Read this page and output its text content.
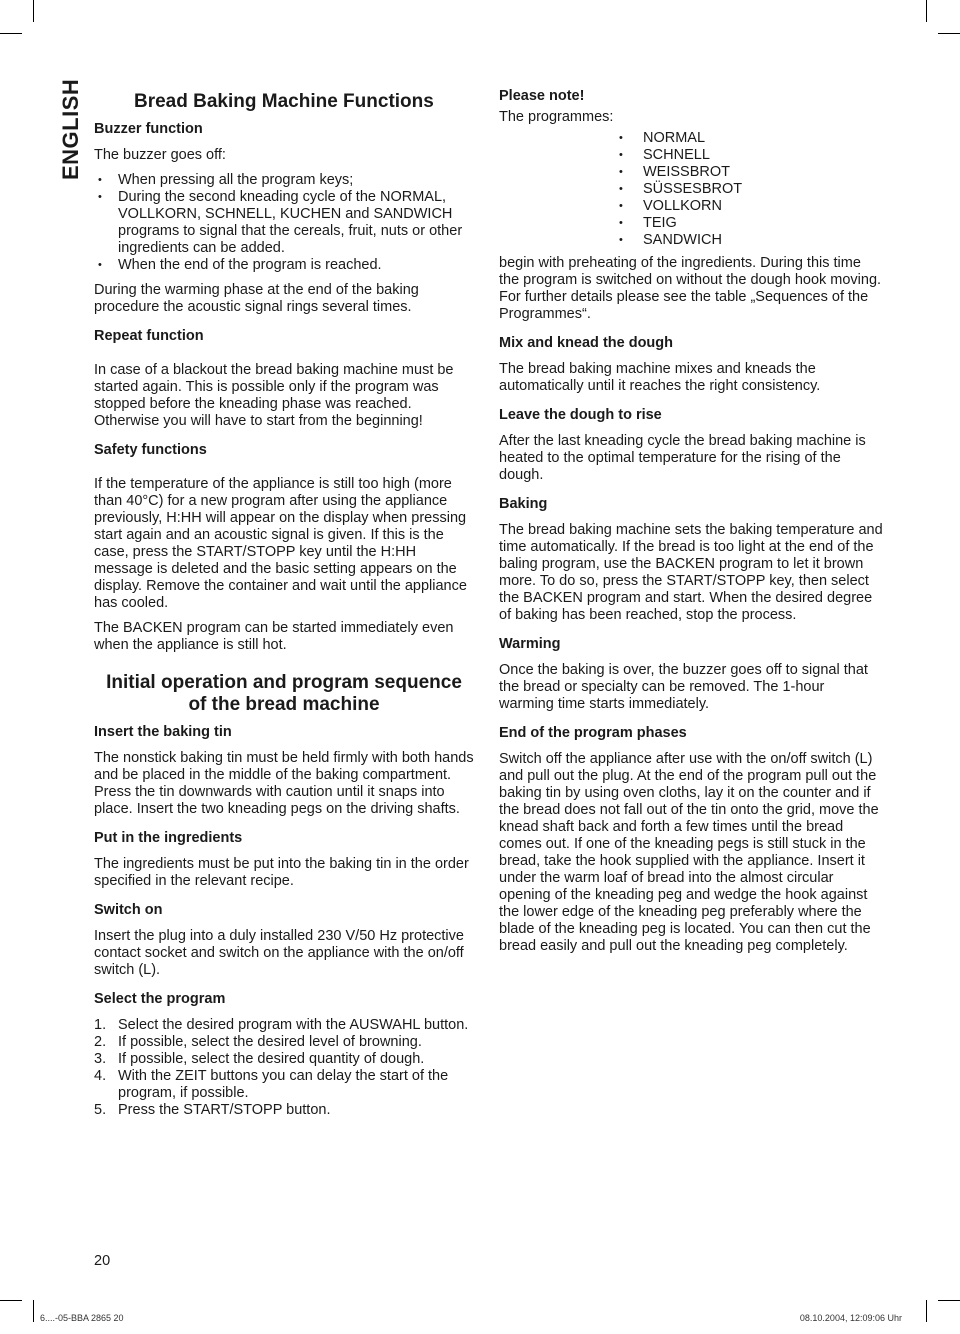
ENGLISH	Bread Baking Machine Functions
Buzzer function

The buzzer goes off:

• When pressing all the program keys;
• During the second kneading cycle of the NORMAL, VOLLKORN, SCHNELL, KUCHEN and SANDWICH programs to signal that the cereals, fruit, nuts or other ingredients can be added.
• When the end of the program is reached.

During the warming phase at the end of the baking procedure the acoustic signal rings several times.

Repeat function

In case of a blackout the bread baking machine must be started again. This is possible only if the program was stopped before the kneading phase was reached. Otherwise you will have to start from the beginning!

Safety functions

If the temperature of the appliance is still too high (more than 40°C) for a new program after using the appliance previously, H:HH will appear on the display when pressing start again and an acoustic signal is given. If this is the case, press the START/STOPP key until the H:HH message is deleted and the basic setting appears on the display. Remove the container and wait until the appliance has cooled.

The BACKEN program can be started immediately even when the appliance is still hot.

Initial operation and program sequence
of the bread machine
Insert the baking tin

The nonstick baking tin must be held firmly with both hands and be placed in the middle of the baking compartment. Press the tin downwards with caution until it snaps into place. Insert the two kneading pegs on the driving shafts.

Put in the ingredients

The ingredients must be put into the baking tin in the order specified in the relevant recipe.

Switch on

Insert the plug into a duly installed 230 V/50 Hz protective contact socket and switch on the appliance with the on/off switch (L).

Select the program
1. Select the desired program with the AUSWAHL button.
2. If possible, select the desired level of browning.
3. If possible, select the desired quantity of dough.
4. With the ZEIT buttons you can delay the start of the program, if possible.
5. Press the START/STOPP button.
Please note!

The programmes:

• NORMAL
• SCHNELL
• WEISSBROT
• SÜSSESBROT
• VOLLKORN
• TEIG
• SANDWICH

begin with preheating of the ingredients. During this time the program is switched on without the dough hook moving. For further details please see the table „Sequences of the Programmes“.

Mix and knead the dough

The bread baking machine mixes and kneads the automatically until it reaches the right consistency.

Leave the dough to rise

After the last kneading cycle the bread baking machine is heated to the optimal temperature for the rising of the dough.

Baking

The bread baking machine sets the baking temperature and time automatically. If the bread is too light at the end of the baling program, use the BACKEN program to let it brown more. To do so, press the START/STOPP key, then select the BACKEN program and start. When the desired degree of baking has been reached, stop the process.

Warming

Once the baking is over, the buzzer goes off to signal that the bread or specialty can be removed. The 1-hour warming time starts immediately.

End of the program phases

Switch off the appliance after use with the on/off switch (L) and pull out the plug. At the end of the program pull out the baking tin by using oven cloths, lay it on the counter and if the bread does not fall out of the tin onto the grid, move the knead shaft back and forth a few times until the bread comes out. If one of the kneading pegs is still stuck in the bread, take the hook supplied with the appliance. Insert it under the warm loaf of bread into the almost circular opening of the kneading peg and wedge the hook against the lower edge of the kneading peg preferably where the blade of the kneading peg is located. You can then cut the bread easily and pull out the kneading peg completely.

20
6....-05-BBA 2865 20	08.10.2004, 12:09:06 Uhr
